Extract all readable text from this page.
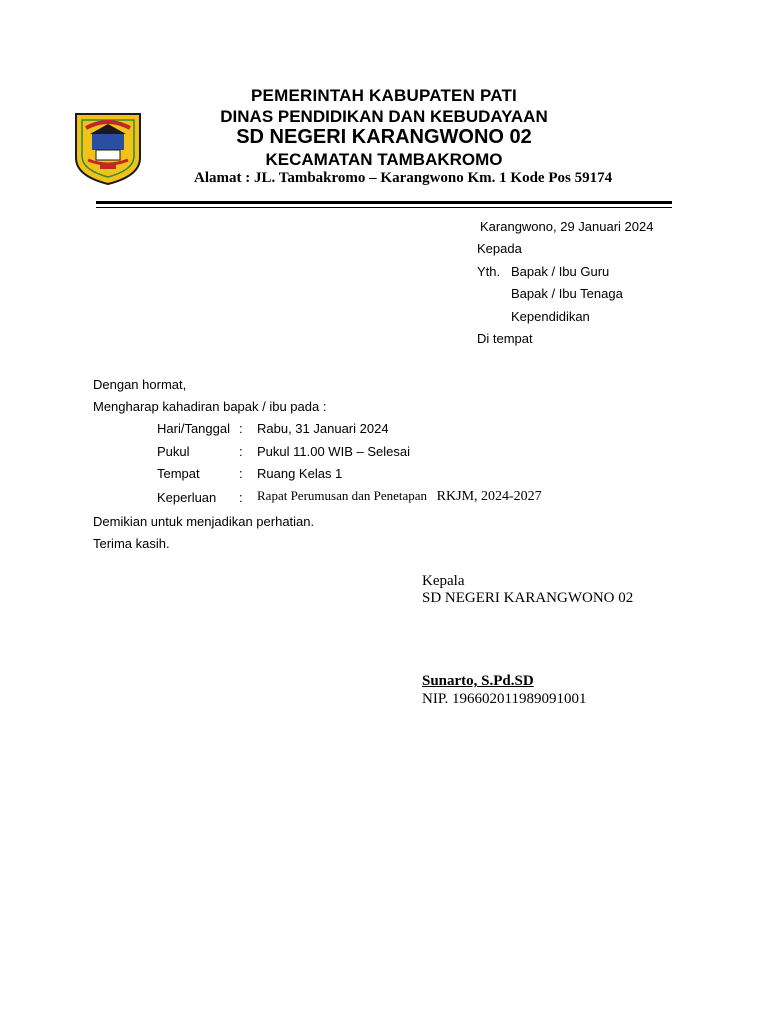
PEMERINTAH KABUPATEN PATI
DINAS PENDIDIKAN DAN KEBUDAYAAN
SD NEGERI KARANGWONO 02
KECAMATAN TAMBAKROMO
Alamat : JL. Tambakromo – Karangwono Km. 1 Kode Pos 59174
Karangwono, 29 Januari 2024
Kepada
Yth. Bapak / Ibu Guru
Bapak / Ibu Tenaga
Kependidikan
Di tempat
Dengan hormat,
Mengharap kahadiran bapak / ibu pada :
Hari/Tanggal : Rabu, 31 Januari 2024
Pukul	: Pukul 11.00 WIB – Selesai
Tempat	: Ruang Kelas 1
Keperluan : Rapat Perumusan dan Penetapan RKJM, 2024-2027
Demikian untuk menjadikan perhatian.
Terima kasih.
Kepala
SD NEGERI KARANGWONO 02
Sunarto, S.Pd.SD
NIP. 196602011989091001
